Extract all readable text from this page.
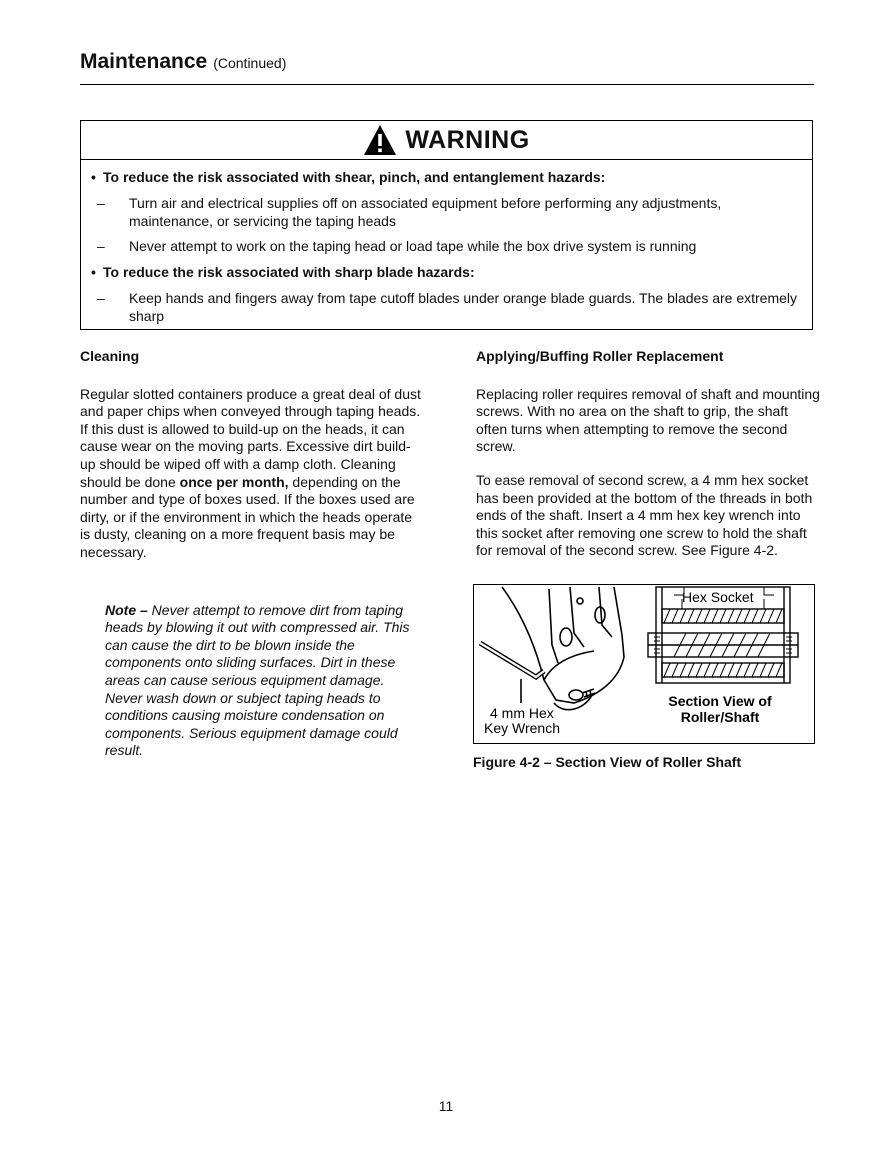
Maintenance (Continued)
WARNING
• To reduce the risk associated with shear, pinch, and entanglement hazards:
–	Turn air and electrical supplies off on associated equipment before performing any adjustments, maintenance, or servicing the taping heads
–	Never attempt to work on the taping head or load tape while the box drive system is running
• To reduce the risk associated with sharp blade hazards:
–	Keep hands and fingers away from tape cutoff blades under orange blade guards. The blades are extremely sharp
Cleaning

Regular slotted containers produce a great deal of dust and paper chips when conveyed through taping heads. If this dust is allowed to build-up on the heads, it can cause wear on the moving parts. Excessive dirt build-up should be wiped off with a damp cloth. Cleaning should be done once per month, depending on the number and type of boxes used. If the boxes used are dirty, or if the environment in which the heads operate is dusty, cleaning on a more frequent basis may be necessary.

Note – Never attempt to remove dirt from taping heads by blowing it out with compressed air. This can cause the dirt to be blown inside the components onto sliding surfaces. Dirt in these areas can cause serious equipment damage. Never wash down or subject taping heads to conditions causing moisture condensation on components. Serious equipment damage could result.

Applying/Buffing Roller Replacement

Replacing roller requires removal of shaft and mounting screws. With no area on the shaft to grip, the shaft often turns when attempting to remove the second screw.

To ease removal of second screw, a 4 mm hex socket has been provided at the bottom of the threads in both ends of the shaft. Insert a 4 mm hex key wrench into this socket after removing one screw to hold the shaft for removal of the second screw. See Figure 4-2.

Hex Socket
4 mm Hex
Key Wrench
Section View of
Roller/Shaft
Figure 4-2 – Section View of Roller Shaft
11
